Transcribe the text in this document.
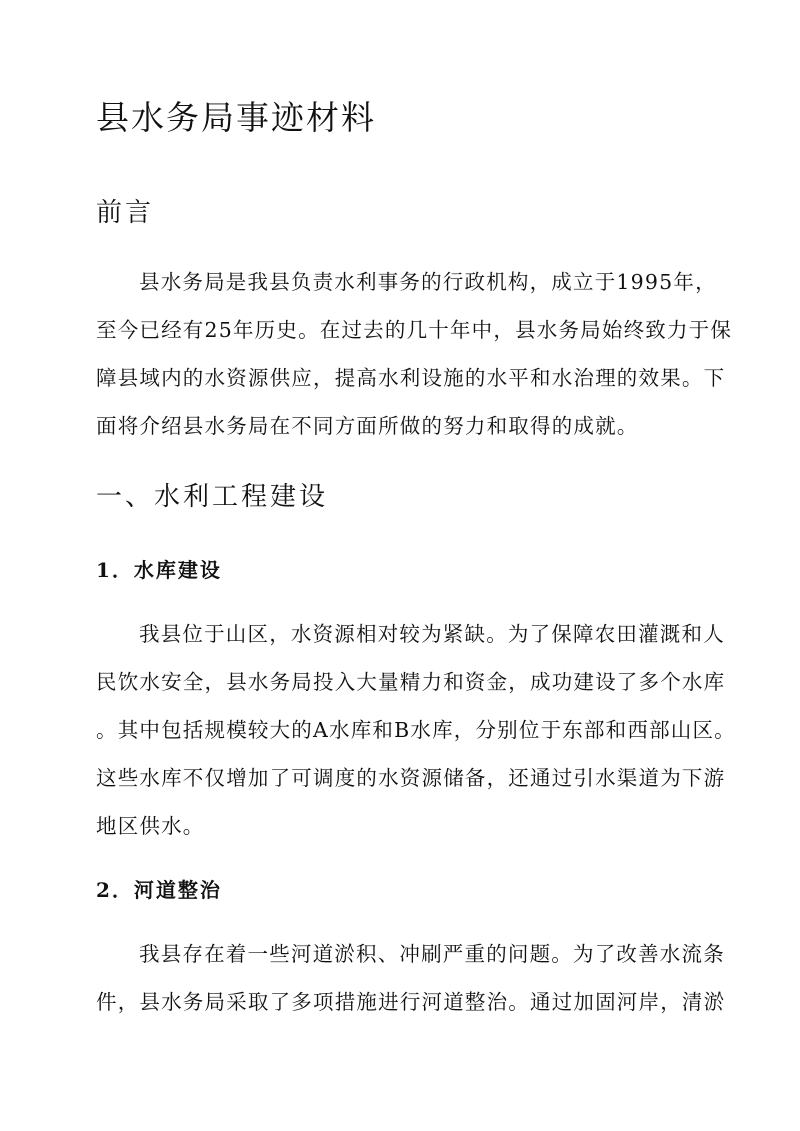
县水务局事迹材料
前言
县水务局是我县负责水利事务的行政机构，成立于1995年，
至今已经有25年历史。在过去的几十年中，县水务局始终致力于保
障县域内的水资源供应，提高水利设施的水平和水治理的效果。下
面将介绍县水务局在不同方面所做的努力和取得的成就。
一、水利工程建设
1．水库建设
我县位于山区，水资源相对较为紧缺。为了保障农田灌溉和人
民饮水安全，县水务局投入大量精力和资金，成功建设了多个水库
。其中包括规模较大的A水库和B水库，分别位于东部和西部山区。
这些水库不仅增加了可调度的水资源储备，还通过引水渠道为下游
地区供水。
2．河道整治
我县存在着一些河道淤积、冲刷严重的问题。为了改善水流条
件，县水务局采取了多项措施进行河道整治。通过加固河岸，清淤
